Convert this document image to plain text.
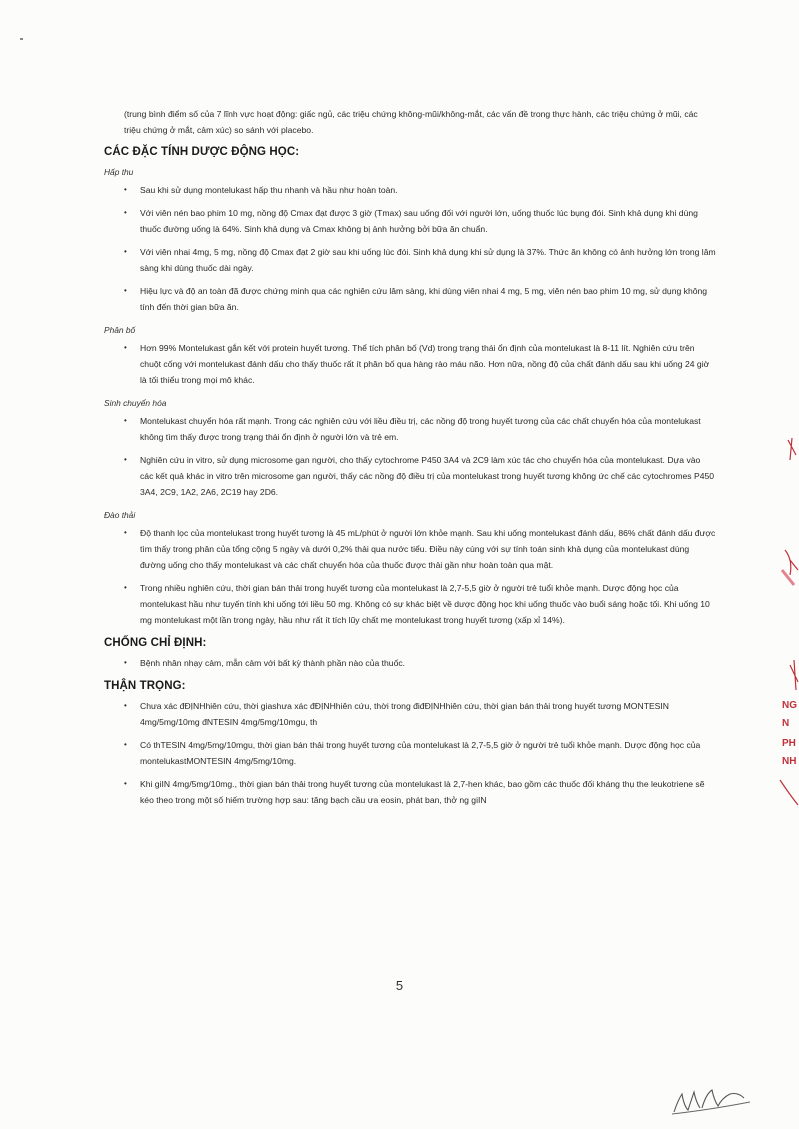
(trung bình điểm số của 7 lĩnh vực hoạt động: giấc ngủ, các triệu chứng không-mũi/không-mắt, các vấn đề trong thực hành, các triệu chứng ở mũi, các triệu chứng ở mắt, cảm xúc) so sánh với placebo.

CÁC ĐẶC TÍNH DƯỢC ĐỘNG HỌC:
Hấp thu
• Sau khi sử dụng montelukast hấp thu nhanh và hầu như hoàn toàn.
• Với viên nén bao phim 10 mg, nồng độ Cmax đạt được 3 giờ (Tmax) sau uống đối với người lớn, uống thuốc lúc bụng đói. Sinh khả dụng khi dùng thuốc đường uống là 64%. Sinh khả dụng và Cmax không bị ảnh hưởng bởi bữa ăn chuẩn.
• Với viên nhai 4mg, 5 mg, nồng độ Cmax đạt 2 giờ sau khi uống lúc đói. Sinh khả dụng khi sử dụng là 37%. Thức ăn không có ảnh hưởng lớn trong lâm sàng khi dùng thuốc dài ngày.
• Hiệu lực và độ an toàn đã được chứng minh qua các nghiên cứu lâm sàng, khi dùng viên nhai 4 mg, 5 mg, viên nén bao phim 10 mg, sử dụng không tính đến thời gian bữa ăn.
Phân bố
• Hơn 99% Montelukast gắn kết với protein huyết tương. Thể tích phân bố (Vd) trong trạng thái ổn định của montelukast là 8-11 lít. Nghiên cứu trên chuột cống với montelukast đánh dấu cho thấy thuốc rất ít phân bố qua hàng rào máu não. Hơn nữa, nồng độ của chất đánh dấu sau khi uống 24 giờ là tối thiểu trong mọi mô khác.
Sinh chuyển hóa
• Montelukast chuyển hóa rất mạnh. Trong các nghiên cứu với liều điều trị, các nồng độ trong huyết tương của các chất chuyển hóa của montelukast không tìm thấy được trong trạng thái ổn định ở người lớn và trẻ em.
• Nghiên cứu in vitro, sử dụng microsome gan người, cho thấy cytochrome P450 3A4 và 2C9 làm xúc tác cho chuyển hóa của montelukast. Dựa vào các kết quả khác in vitro trên microsome gan người, thấy các nồng độ điều trị của montelukast trong huyết tương không ức chế các cytochromes P450 3A4, 2C9, 1A2, 2A6, 2C19 hay 2D6.
Đào thải
• Độ thanh lọc của montelukast trong huyết tương là 45 mL/phút ở người lớn khỏe mạnh. Sau khi uống montelukast đánh dấu, 86% chất đánh dấu được tìm thấy trong phân của tổng cộng 5 ngày và dưới 0,2% thải qua nước tiểu. Điều này cùng với sự tính toán sinh khả dụng của montelukast dùng đường uống cho thấy montelukast và các chất chuyển hóa của thuốc được thải gần như hoàn toàn qua mật.
• Trong nhiều nghiên cứu, thời gian bán thải trong huyết tương của montelukast là 2,7-5,5 giờ ở người trẻ tuổi khỏe mạnh. Dược động học của montelukast hầu như tuyến tính khi uống tới liều 50 mg. Không có sự khác biệt về dược động học khi uống thuốc vào buổi sáng hoặc tối. Khi uống 10 mg montelukast một lần trong ngày, hầu như rất ít tích lũy chất mẹ montelukast trong huyết tương (xấp xỉ 14%).
CHỐNG CHỈ ĐỊNH:
• Bệnh nhân nhạy cảm, mẫn cảm với bất kỳ thành phần nào của thuốc.
THẬN TRỌNG:
• Chưa xác đĐỊNHhiên cứu, thời giashưa xác đĐỊNHhiên cứu, thời trong điđĐỊNHhiên cứu, thời gian bán thải trong huyết tương MONTESIN 4mg/5mg/10mg đNTESIN 4mg/5mg/10mgu, th
• Có thTESIN 4mg/5mg/10mgu, thời gian bán thải trong huyết tương của montelukast là 2,7-5,5 giờ ở người trẻ tuổi khỏe mạnh. Dược động học của montelukastMONTESIN 4mg/5mg/10mg.
• Khi giIN 4mg/5mg/10mg., thời gian bán thải trong huyết tương của montelukast là 2,7-hen khác, bao gồm các thuốc đối kháng thụ the leukotriene sẽ kéo theo trong một số hiếm trường hợp sau: tăng bạch cầu ưa eosin, phát ban, thở ng giIN
5
NG
N
PH
NH
